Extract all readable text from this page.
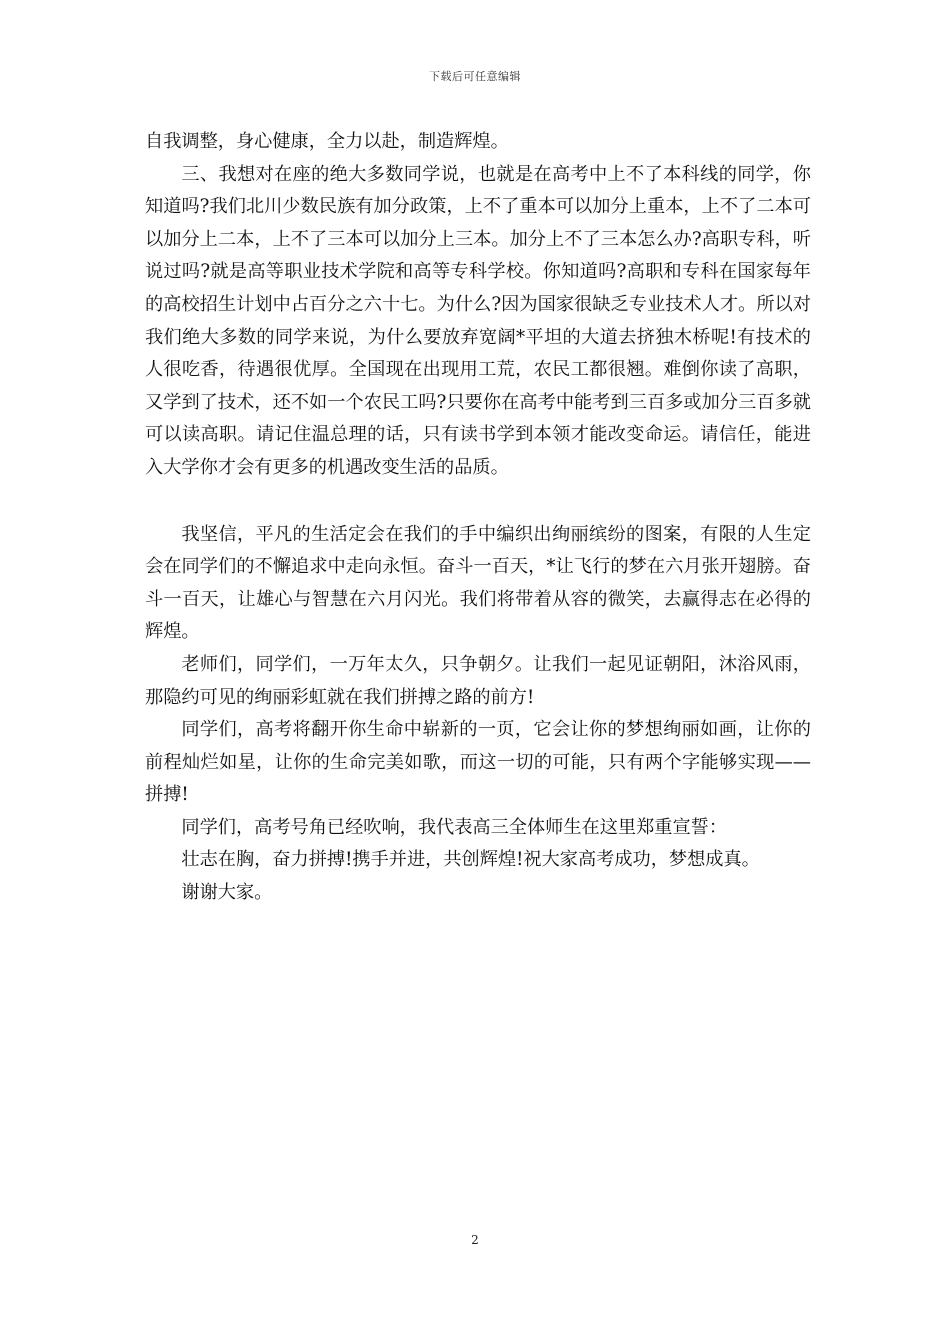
下载后可任意编辑

自我调整，身心健康，全力以赴，制造辉煌。

三、我想对在座的绝大多数同学说，也就是在高考中上不了本科线的同学，你知道吗?我们北川少数民族有加分政策，上不了重本可以加分上重本，上不了二本可以加分上二本，上不了三本可以加分上三本。加分上不了三本怎么办?高职专科，听说过吗?就是高等职业技术学院和高等专科学校。你知道吗?高职和专科在国家每年的高校招生计划中占百分之六十七。为什么?因为国家很缺乏专业技术人才。所以对我们绝大多数的同学来说，为什么要放弃宽阔*平坦的大道去挤独木桥呢!有技术的人很吃香，待遇很优厚。全国现在出现用工荒，农民工都很翘。难倒你读了高职，又学到了技术，还不如一个农民工吗?只要你在高考中能考到三百多或加分三百多就可以读高职。请记住温总理的话，只有读书学到本领才能改变命运。请信任，能进入大学你才会有更多的机遇改变生活的品质。

我坚信，平凡的生活定会在我们的手中编织出绚丽缤纷的图案，有限的人生定会在同学们的不懈追求中走向永恒。奋斗一百天，*让飞行的梦在六月张开翅膀。奋斗一百天，让雄心与智慧在六月闪光。我们将带着从容的微笑，去赢得志在必得的辉煌。

老师们，同学们，一万年太久，只争朝夕。让我们一起见证朝阳，沐浴风雨，那隐约可见的绚丽彩虹就在我们拼搏之路的前方!

同学们，高考将翻开你生命中崭新的一页，它会让你的梦想绚丽如画，让你的前程灿烂如星，让你的生命完美如歌，而这一切的可能，只有两个字能够实现——拼搏!

同学们，高考号角已经吹响，我代表高三全体师生在这里郑重宣誓：

壮志在胸，奋力拼搏!携手并进，共创辉煌!祝大家高考成功，梦想成真。

谢谢大家。

2
